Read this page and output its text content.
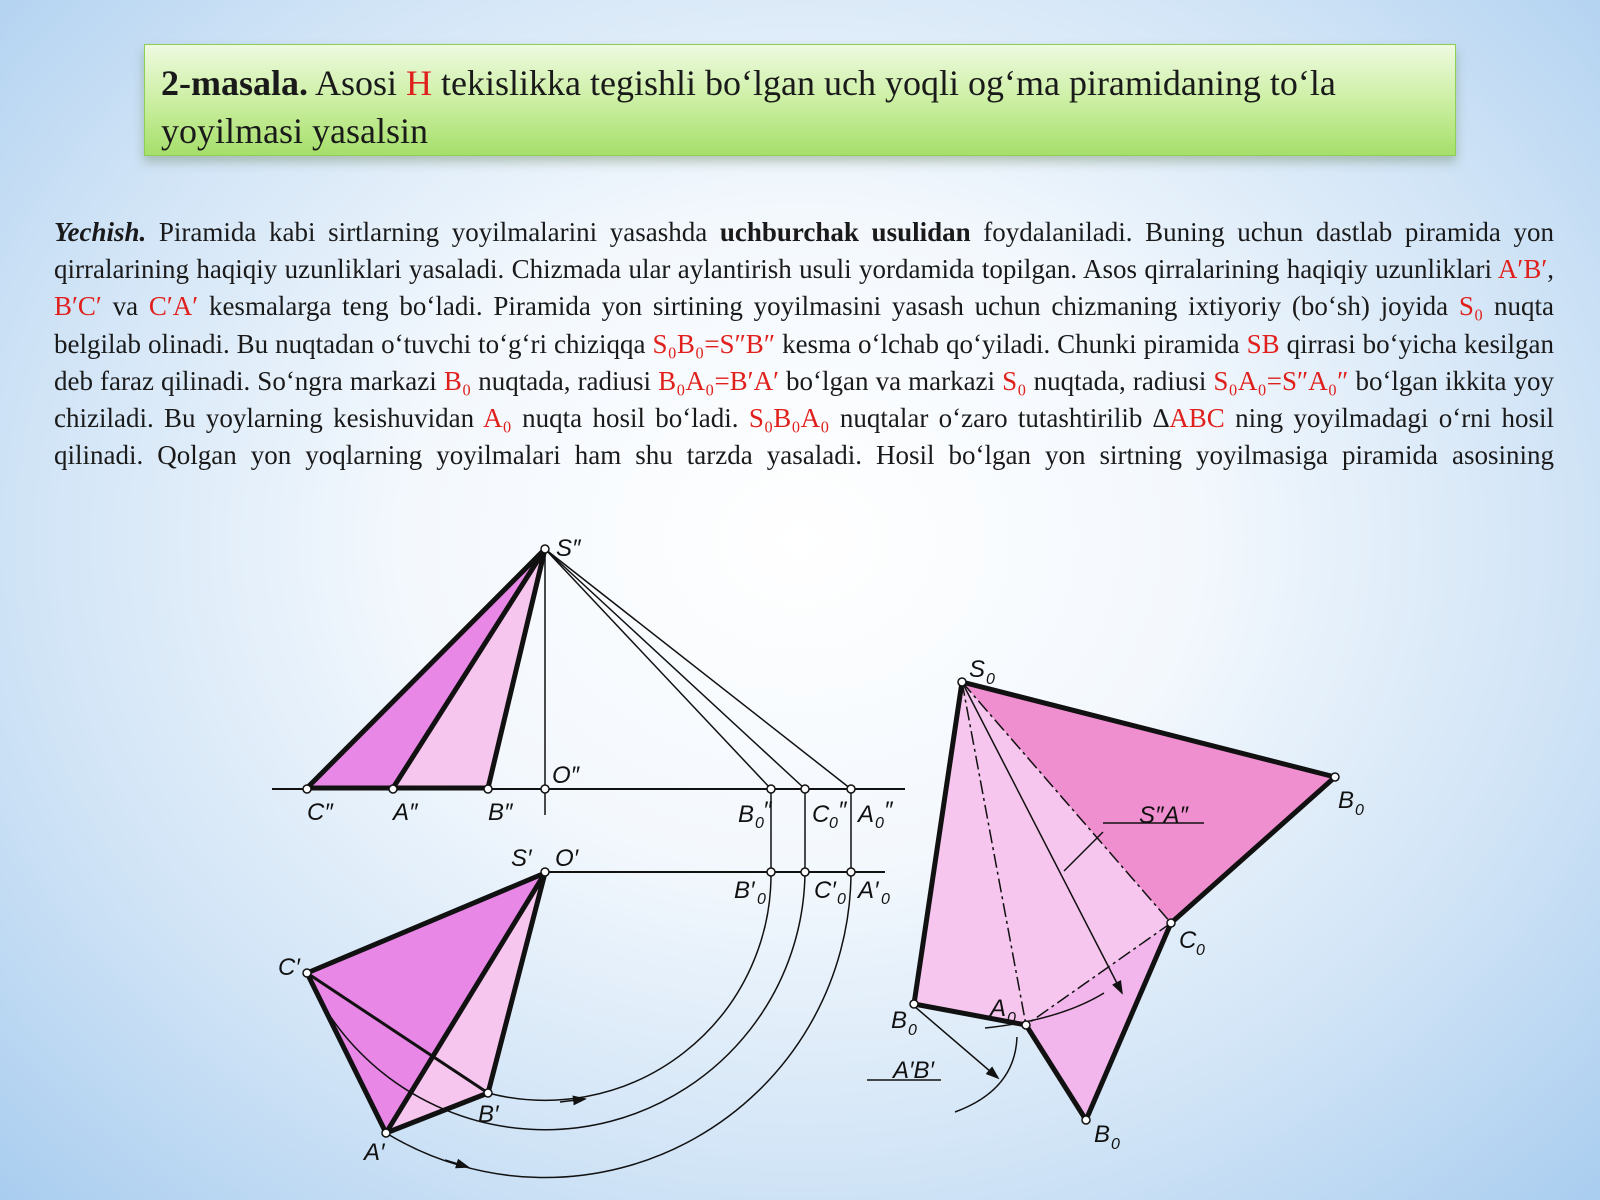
2-masala. Asosi H tekislikka tegishli bo‘lgan uch yoqli og‘ma piramidaning to‘la yoyilmasi yasalsin
Yechish. Piramida kabi sirtlarning yoyilmalarini yasashda uchburchak usulidan foydalaniladi. Buning uchun dastlab piramida yon qirralarining haqiqiy uzunliklari yasaladi. Chizmada ular aylantirish usuli yordamida topilgan. Asos qirralarining haqiqiy uzunliklari A′B′, B′C′ va C′A′ kesmalarga teng bo‘ladi. Piramida yon sirtining yoyilmasini yasash uchun chizmaning ixtiyoriy (bo‘sh) joyida S₀ nuqta belgilab olinadi. Bu nuqtadan o‘tuvchi to‘g‘ri chiziqqa S₀B₀=S″B″ kesma o‘lchab qo‘yiladi. Chunki piramida SB qirrasi bo‘yicha kesilgan deb faraz qilinadi. So‘ngra markazi B₀ nuqtada, radiusi B₀A₀=B′A′ bo‘lgan va markazi S₀ nuqtada, radiusi S₀A₀=S″A₀″ bo‘lgan ikkita yoy chiziladi. Bu yoylarning kesishuvidan A₀ nuqta hosil bo‘ladi. S₀B₀A₀ nuqtalar o‘zaro tutashtirilib ∆ABC ning yoyilmadagi o‘rni hosil qilinadi. Qolgan yon yoqlarning yoyilmalari ham shu tarzda yasaladi. Hosil bo‘lgan yon sirtning yoyilmasiga piramida asosining
S″
O″
C″	A″	B″	B 0 ″ C 0 ″ A 0 ″
S′ O′
B′ 0 C′ 0 A′ 0
C′
B′
A′
S 0
B 0
C 0
A 0
B 0
B 0
S″A″
A′B′
